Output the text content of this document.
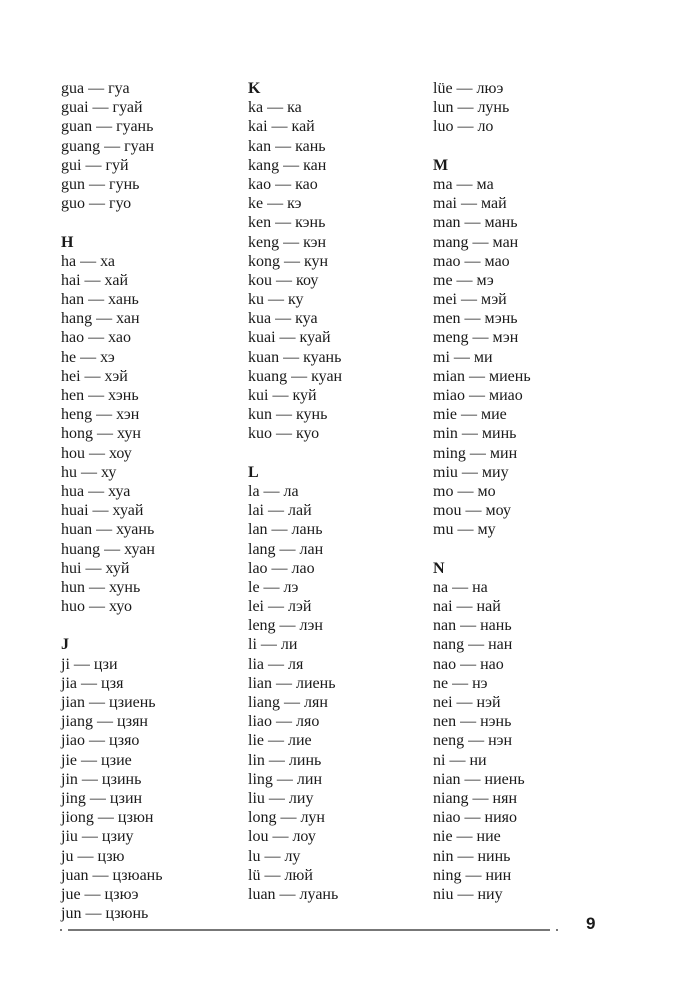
gua — гуа
guai — гуай
guan — гуань
guang — гуан
gui — гуй
gun — гунь
guo — гуо
H
ha — ха
hai — хай
han — хань
hang — хан
hao — хао
he — хэ
hei — хэй
hen — хэнь
heng — хэн
hong — хун
hou — хоу
hu — ху
hua — хуа
huai — хуай
huan — хуань
huang — хуан
hui — хуй
hun — хунь
huo — хуо
J
ji — цзи
jia — цзя
jian — цзиень
jiang — цзян
jiao — цзяо
jie — цзие
jin — цзинь
jing — цзин
jiong — цзюн
jiu — цзиу
ju — цзю
juan — цзюань
jue — цзюэ
jun — цзюнь
K
ka — ка
kai — кай
kan — кань
kang — кан
kao — као
ke — кэ
ken — кэнь
keng — кэн
kong — кун
kou — коу
ku — ку
kua — куа
kuai — куай
kuan — куань
kuang — куан
kui — куй
kun — кунь
kuo — куо
L
la — ла
lai — лай
lan — лань
lang — лан
lao — лао
le — лэ
lei — лэй
leng — лэн
li — ли
lia — ля
lian — лиень
liang — лян
liao — ляо
lie — лие
lin — линь
ling — лин
liu — лиу
long — лун
lou — лоу
lu — лу
lü — люй
luan — луань
lüe — люэ
lun — лунь
luo — ло
M
ma — ма
mai — май
man — мань
mang — ман
mao — мао
me — мэ
mei — мэй
men — мэнь
meng — мэн
mi — ми
mian — миень
miao — миао
mie — мие
min — минь
ming — мин
miu — миу
mo — мо
mou — моу
mu — му
N
na — на
nai — най
nan — нань
nang — нан
nao — нао
ne — нэ
nei — нэй
nen — нэнь
neng — нэн
ni — ни
nian — ниень
niang — нян
niao — нияо
nie — ние
nin — нинь
ning — нин
niu — ниу
9
